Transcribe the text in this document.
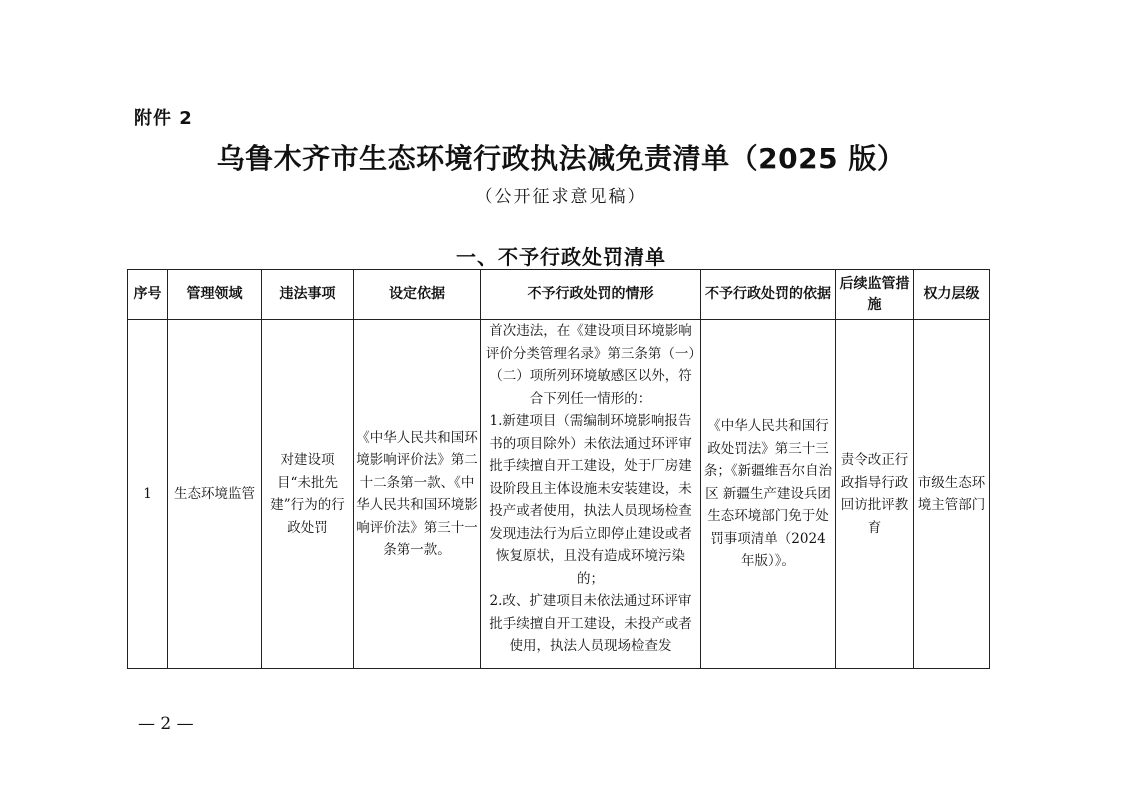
附件 2
乌鲁木齐市生态环境行政执法减免责清单（2025 版）
（公开征求意见稿）
一、不予行政处罚清单
序号	管理领域	违法事项	设定依据	不予行政处罚的情形	不予行政处罚的依据	后续监管措施	权力层级
1	生态环境监管	对建设项目“未批先建”行为的行政处罚	《中华人民共和国环境影响评价法》第二十二条第一款、《中华人民共和国环境影响评价法》第三十一条第一款。	首次违法，在《建设项目环境影响评价分类管理名录》第三条第（一）（二）项所列环境敏感区以外，符合下列任一情形的：

1.新建项目（需编制环境影响报告书的项目除外）未依法通过环评审批手续擅自开工建设，处于厂房建设阶段且主体设施未安装建设，未投产或者使用，执法人员现场检查发现违法行为后立即停止建设或者恢复原状，且没有造成环境污染的；

2.改、扩建项目未依法通过环评审批手续擅自开工建设，未投产或者使用，执法人员现场检查发	《中华人民共和国行政处罚法》第三十三条；《新疆维吾尔自治区 新疆生产建设兵团生态环境部门免于处罚事项清单（2024 年版）》。	责令改正行政指导行政回访批评教育	市级生态环境主管部门
— 2 —
